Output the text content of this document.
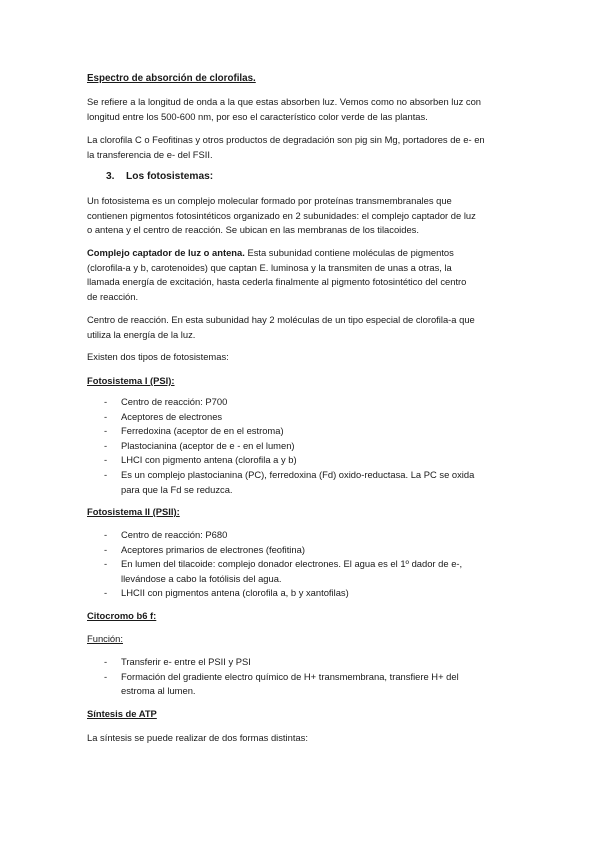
Espectro de absorción de clorofilas.

Se refiere a la longitud de onda a la que estas absorben luz. Vemos como no absorben luz con
longitud entre los 500-600 nm, por eso el característico color verde de las plantas.

La clorofila C o Feofitinas y otros productos de degradación son pig sin Mg, portadores de e- en
la transferencia de e- del FSII.

3. Los fotosistemas:

Un fotosistema es un complejo molecular formado por proteínas transmembranales que
contienen pigmentos fotosintéticos organizado en 2 subunidades: el complejo captador de luz
o antena y el centro de reacción. Se ubican en las membranas de los tilacoides.

Complejo captador de luz o antena. Esta subunidad contiene moléculas de pigmentos
(clorofila-a y b, carotenoides) que captan E. luminosa y la transmiten de unas a otras, la
llamada energía de excitación, hasta cederla finalmente al pigmento fotosintético del centro
de reacción.

Centro de reacción. En esta subunidad hay 2 moléculas de un tipo especial de clorofila-a que
utiliza la energía de la luz.

Existen dos tipos de fotosistemas:

Fotosistema I (PSI):

- Centro de reacción: P700
- Aceptores de electrones
- Ferredoxina (aceptor de en el estroma)
- Plastocianina (aceptor de e - en el lumen)
- LHCI con pigmento antena (clorofila a y b)
- Es un complejo plastocianina (PC), ferredoxina (Fd) oxido-reductasa. La PC se oxida
para que la Fd se reduzca.

Fotosistema II (PSII):

- Centro de reacción: P680
- Aceptores primarios de electrones (feofitina)
- En lumen del tilacoide: complejo donador electrones. El agua es el 1º dador de e-,
llevándose a cabo la fotólisis del agua.
- LHCII con pigmentos antena (clorofila a, b y xantofilas)

Citocromo b6 f:

Función:

- Transferir e- entre el PSII y PSI
- Formación del gradiente electro químico de H+ transmembrana, transfiere H+ del
estroma al lumen.

Síntesis de ATP

La síntesis se puede realizar de dos formas distintas:
